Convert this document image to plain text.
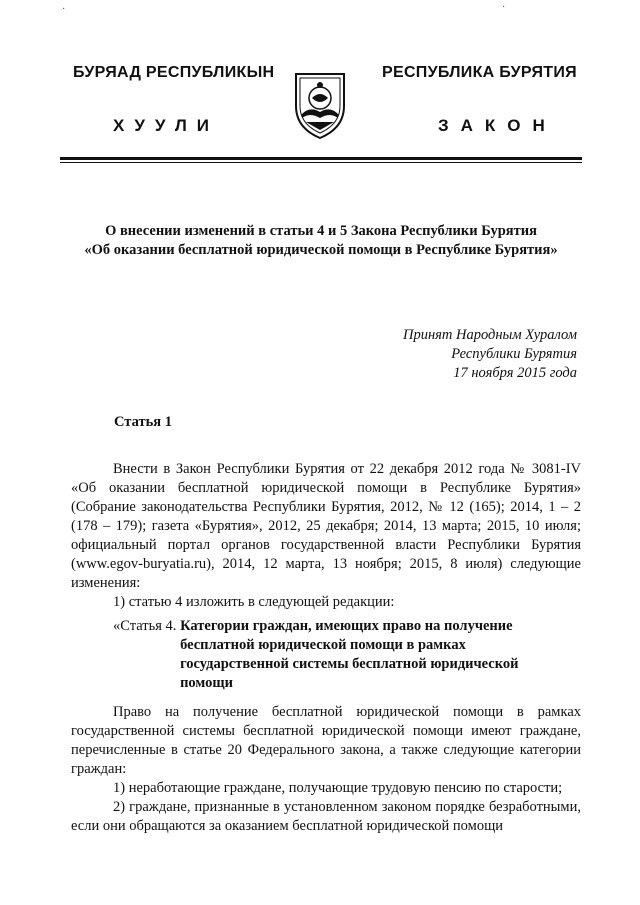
·	·
БУРЯАД РЕСПУБЛИКЫН
ХУУЛИ
РЕСПУБЛИКА БУРЯТИЯ
ЗАКОН
О внесении изменений в статьи 4 и 5 Закона Республики Бурятия
«Об оказании бесплатной юридической помощи в Республике Бурятия»
Принят Народным Хуралом
Республики Бурятия
17 ноября 2015 года
Статья 1

Внести в Закон Республики Бурятия от 22 декабря 2012 года № 3081-IV «Об оказании бесплатной юридической помощи в Республике Бурятия» (Собрание законодательства Республики Бурятия, 2012, № 12 (165); 2014, 1 – 2 (178 – 179); газета «Бурятия», 2012, 25 декабря; 2014, 13 марта; 2015, 10 июля; официальный портал органов государственной власти Республики Бурятия (www.egov-buryatia.ru), 2014, 12 марта, 13 ноября; 2015, 8 июля) следующие изменения:

1) статью 4 изложить в следующей редакции:

«Статья 4. Категории граждан, имеющих право на получение бесплатной юридической помощи в рамках государственной системы бесплатной юридической помощи

Право на получение бесплатной юридической помощи в рамках государственной системы бесплатной юридической помощи имеют граждане, перечисленные в статье 20 Федерального закона, а также следующие категории граждан:

1) неработающие граждане, получающие трудовую пенсию по старости;

2) граждане, признанные в установленном законом порядке безработными, если они обращаются за оказанием бесплатной юридической помощи
